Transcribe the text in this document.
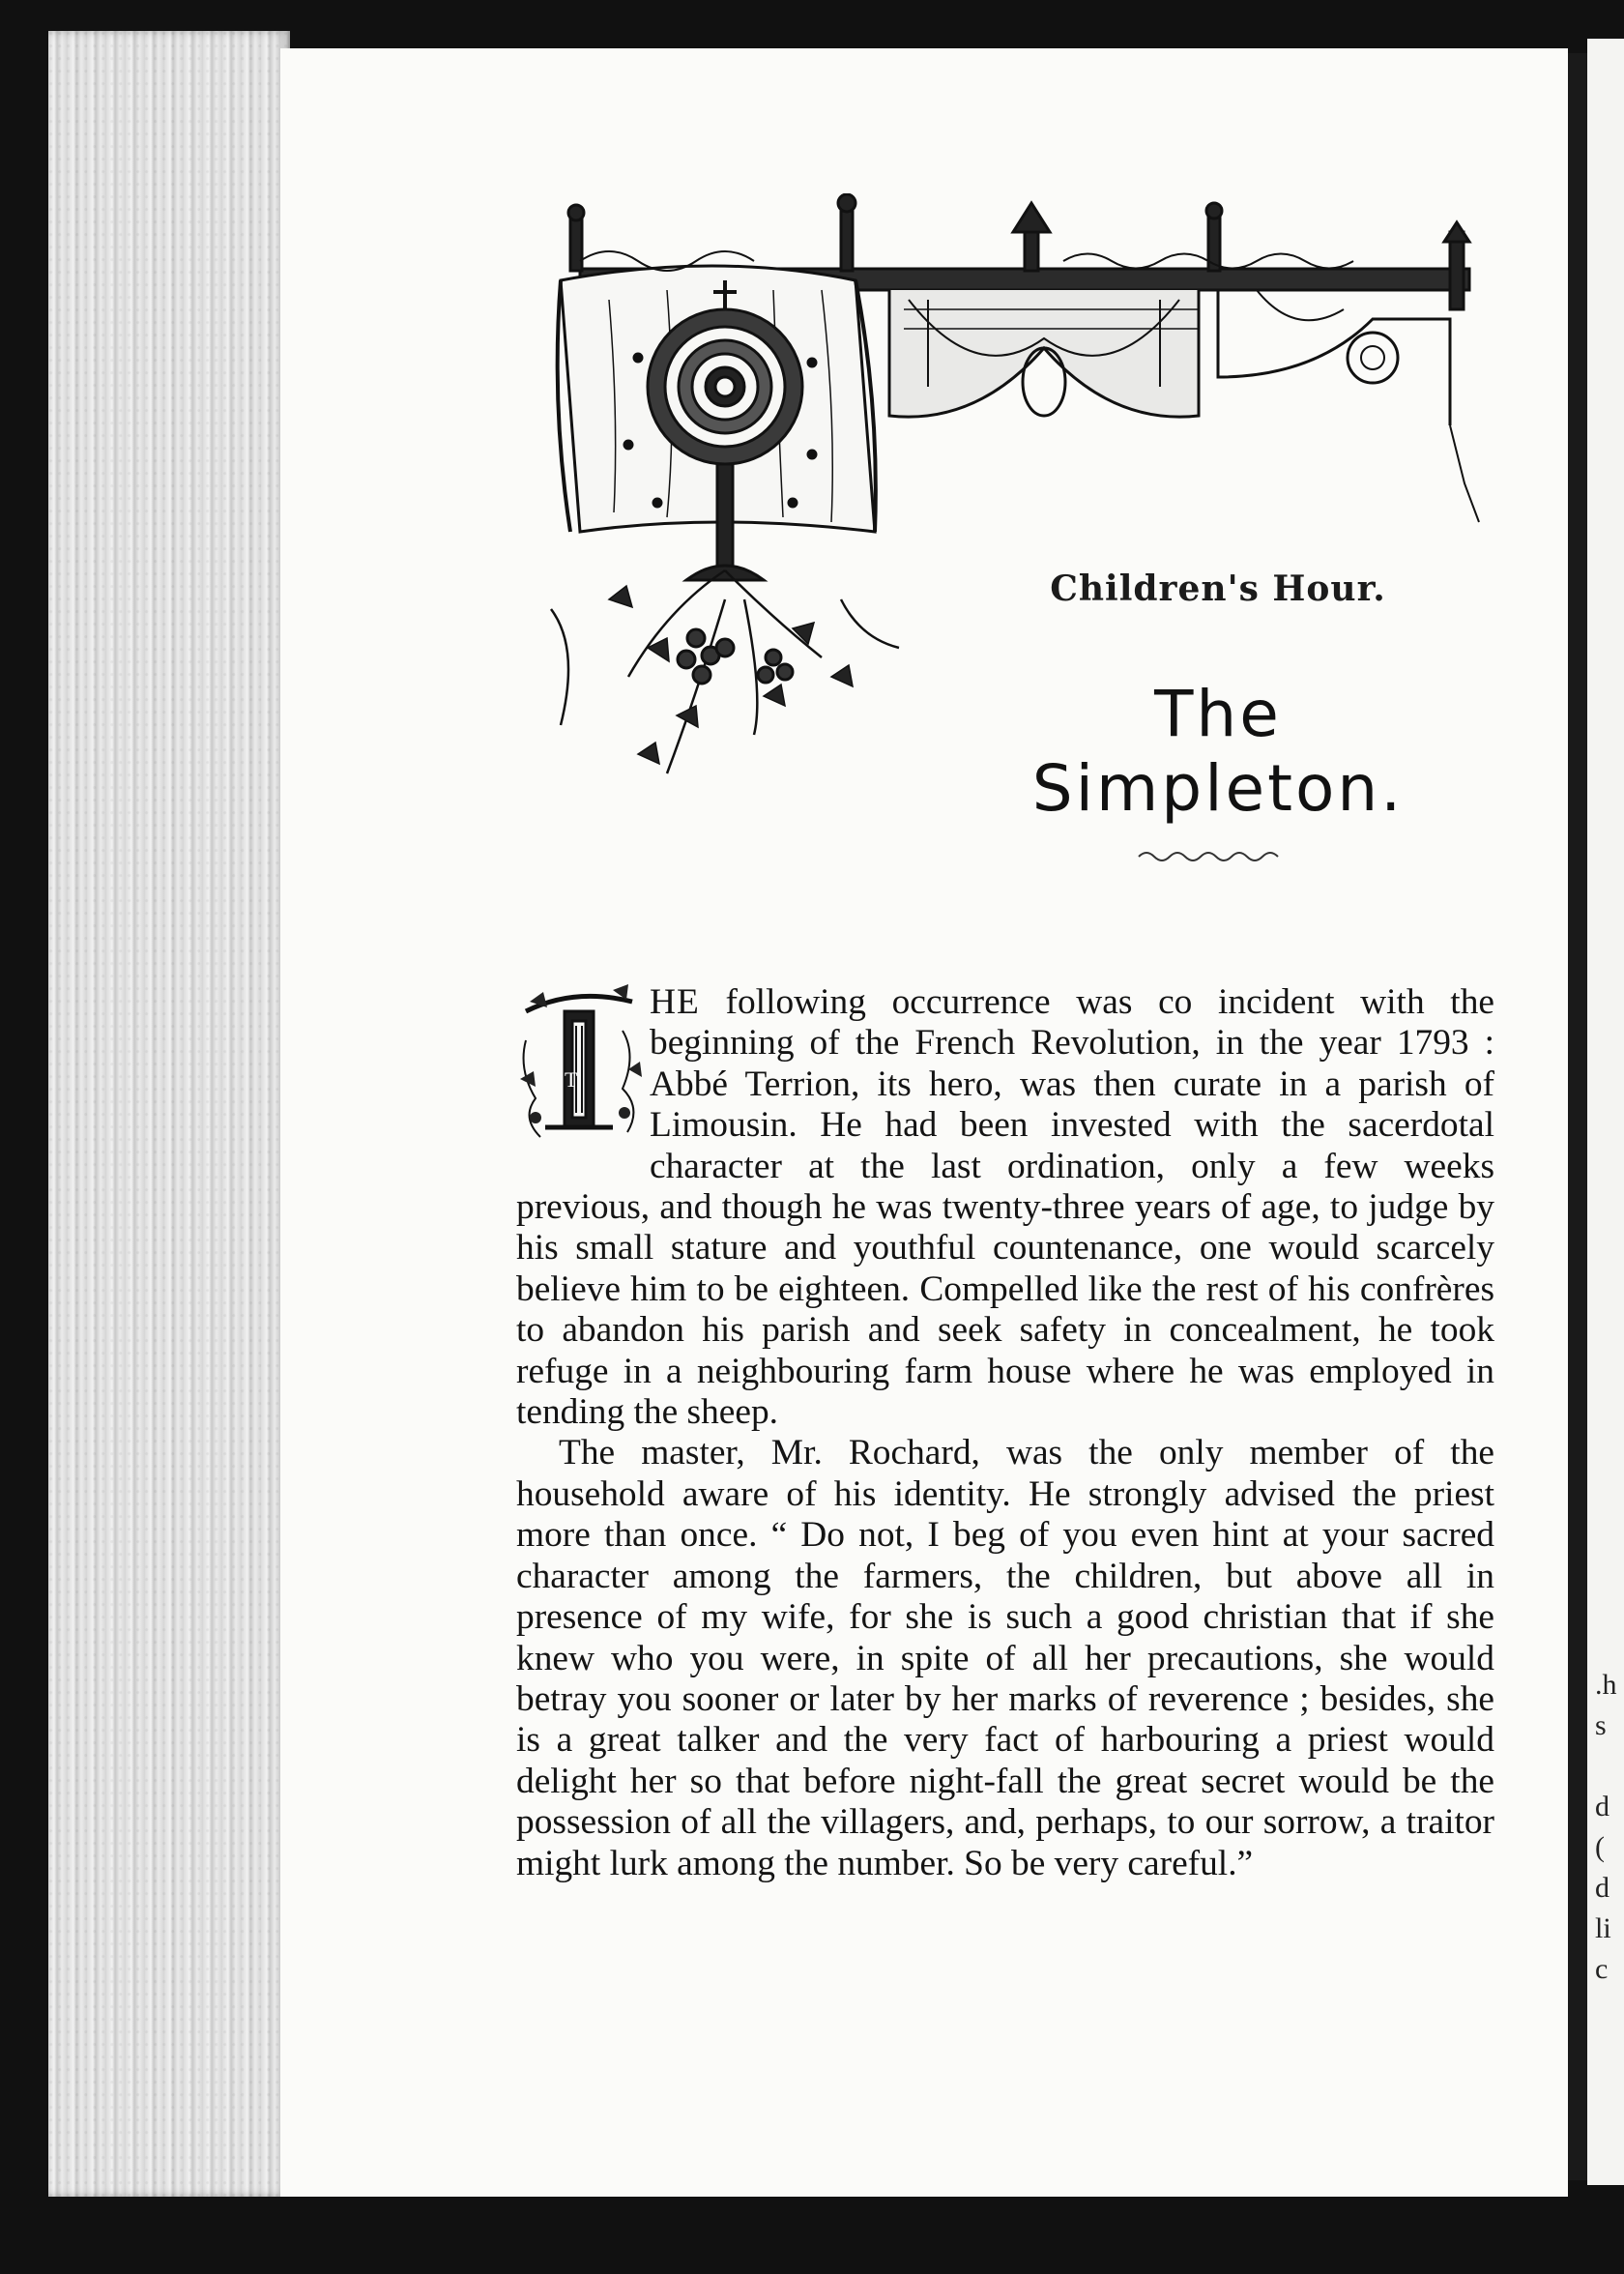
.h
s
d
(
d
li
c
Children's Hour.
The Simpleton.
T

HE following occurrence was co incident with the beginning of the French Revolution, in the year 1793 : Abbé Terrion, its hero, was then curate in a parish of Limousin. He had been invested with the sacerdotal character at the last ordination, only a few weeks previous, and though he was twenty-three years of age, to judge by his small stature and youthful countenance, one would scarcely believe him to be eighteen. Compelled like the rest of his confrères to abandon his parish and seek safety in concealment, he took refuge in a neighbouring farm house where he was employed in tending the sheep.

The master, Mr. Rochard, was the only member of the household aware of his identity. He strongly advised the priest more than once. “ Do not, I beg of you even hint at your sacred character among the farmers, the children, but above all in presence of my wife, for she is such a good christian that if she knew who you were, in spite of all her precautions, she would betray you sooner or later by her marks of reverence ; besides, she is a great talker and the very fact of harbouring a priest would delight her so that before night-fall the great secret would be the possession of all the villagers, and, perhaps, to our sorrow, a traitor might lurk among the number. So be very careful.”
